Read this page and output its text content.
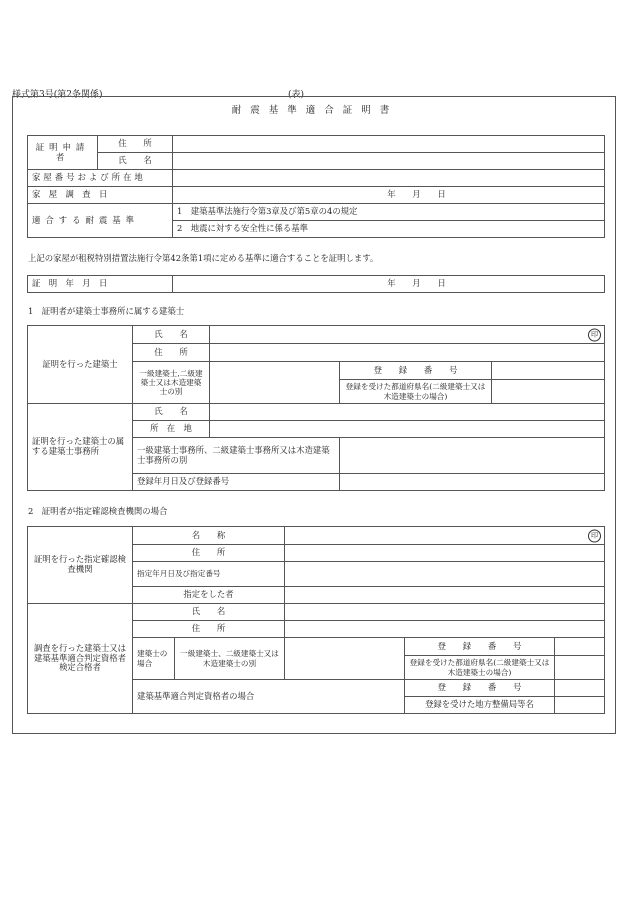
様式第3号(第2条関係)	(表)
耐震基準適合証明書
証明申請者	住　　所	
	氏　　名	
家屋番号および所在地		
家　屋　調　査　日		年　　月　　日
適合する耐震基準		1　建築基準法施行令第3章及び第5章の4の規定
		2　地震に対する安全性に係る基準
上記の家屋が租税特別措置法施行令第42条第1項に定める基準に適合することを証明します。
証　明　年　月　日	年　　月　　日
1　証明者が建築士事務所に属する建築士
証明を行った建築士	氏　　名	印		

	住　　所			
	一級建築士,二級建築士又は木造建築士の別		登　　録　　番　　号	
			登録を受けた都道府県名(二級建築士又は木造建築士の場合)	
証明を行った建築士の属する建築士事務所	氏　　名			
	所　在　地			
	一級建築士事務所、二級建築士事務所又は木造建築士事務所の別			
	登録年月日及び登録番号			
2　証明者が指定確認検査機関の場合
証明を行った指定確認検査機関	名　　称		印		

	住　　所				
	指定年月日及び指定番号				
	指定をした者				
調査を行った建築士又は建築基準適合判定資格者検定合格者	氏　　名				
	住　　所				
	建築士の場合	一級建築士、二級建築士又は木造建築士の別		登　　録　　番　　号	
				登録を受けた都道府県名(二級建築士又は木造建築士の場合)	
	建築基準適合判定資格者の場合			登　　録　　番　　号	
				登録を受けた地方整備局等名	
